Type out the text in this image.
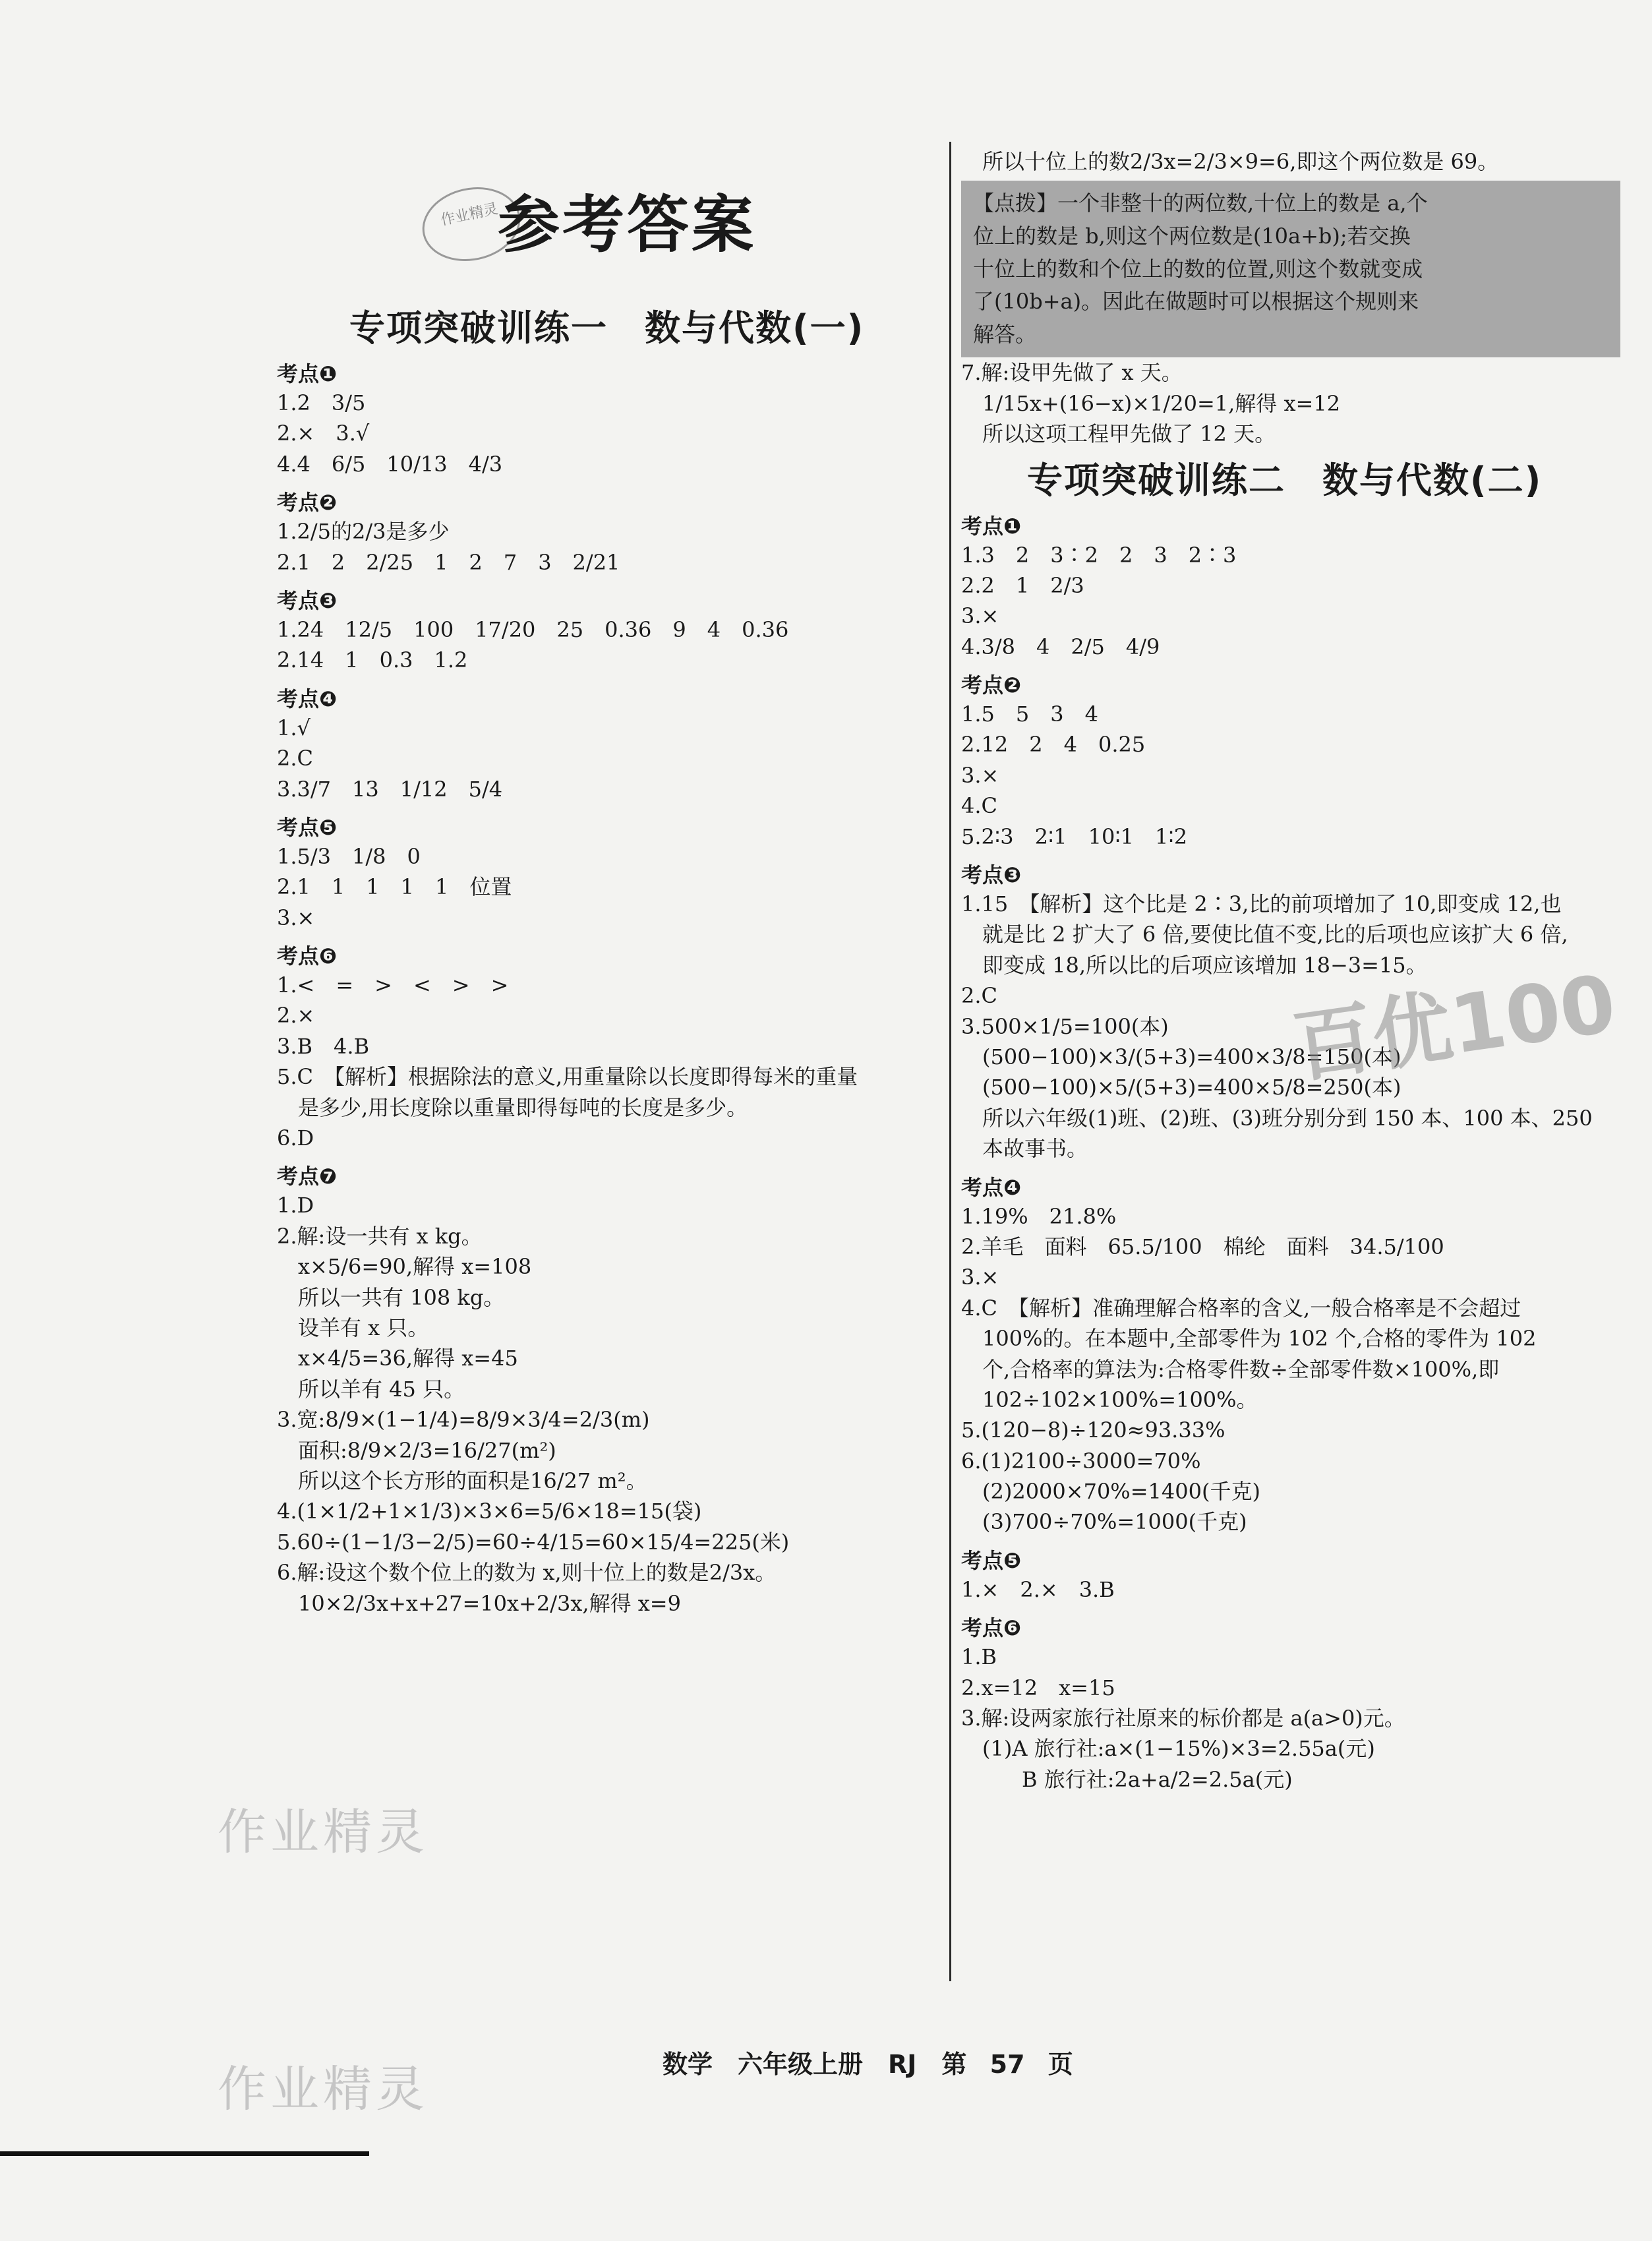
作业精灵
参考答案
专项突破训练一　数与代数(一)
考点❶
1.2　3/5
2.×　3.√
4.4　6/5　10/13　4/3
考点❷
1.2/5的2/3是多少
2.1　2　2/25　1　2　7　3　2/21
考点❸
1.24　12/5　100　17/20　25　0.36　9　4　0.36
2.14　1　0.3　1.2
考点❹
1.√
2.C
3.3/7　13　1/12　5/4
考点❺
1.5/3　1/8　0
2.1　1　1　1　1　位置
3.×
考点❻
1.<　=　>　<　>　>
2.×
3.B　4.B
5.C　【解析】根据除法的意义,用重量除以长度即得每米的重量
是多少,用长度除以重量即得每吨的长度是多少。
6.D
考点❼
1.D
2.解:设一共有 x kg。
x×5/6=90,解得 x=108
所以一共有 108 kg。
设羊有 x 只。
x×4/5=36,解得 x=45
所以羊有 45 只。
3.宽:8/9×(1−1/4)=8/9×3/4=2/3(m)
面积:8/9×2/3=16/27(m²)
所以这个长方形的面积是16/27 m²。
4.(1×1/2+1×1/3)×3×6=5/6×18=15(袋)
5.60÷(1−1/3−2/5)=60÷4/15=60×15/4=225(米)
6.解:设这个数个位上的数为 x,则十位上的数是2/3x。
10×2/3x+x+27=10x+2/3x,解得 x=9
所以十位上的数2/3x=2/3×9=6,即这个两位数是 69。
【点拨】一个非整十的两位数,十位上的数是 a,个
位上的数是 b,则这个两位数是(10a+b);若交换
十位上的数和个位上的数的位置,则这个数就变成
了(10b+a)。因此在做题时可以根据这个规则来
解答。
7.解:设甲先做了 x 天。
1/15x+(16−x)×1/20=1,解得 x=12
所以这项工程甲先做了 12 天。
专项突破训练二　数与代数(二)
考点❶
1.3　2　3∶2　2　3　2∶3
2.2　1　2/3
3.×
4.3/8　4　2/5　4/9
考点❷
1.5　5　3　4
2.12　2　4　0.25
3.×
4.C
5.2∶3　2∶1　10∶1　1∶2
考点❸
1.15　【解析】这个比是 2∶3,比的前项增加了 10,即变成 12,也
就是比 2 扩大了 6 倍,要使比值不变,比的后项也应该扩大 6 倍,
即变成 18,所以比的后项应该增加 18−3=15。
2.C
3.500×1/5=100(本)
(500−100)×3/(5+3)=400×3/8=150(本)
(500−100)×5/(5+3)=400×5/8=250(本)
所以六年级(1)班、(2)班、(3)班分别分到 150 本、100 本、250
本故事书。
考点❹
1.19%　21.8%
2.羊毛　面料　65.5/100　棉纶　面料　34.5/100
3.×
4.C　【解析】准确理解合格率的含义,一般合格率是不会超过
100%的。在本题中,全部零件为 102 个,合格的零件为 102
个,合格率的算法为:合格零件数÷全部零件数×100%,即
102÷102×100%=100%。
5.(120−8)÷120≈93.33%
6.(1)2100÷3000=70%
(2)2000×70%=1400(千克)
(3)700÷70%=1000(千克)
考点❺
1.×　2.×　3.B
考点❻
1.B
2.x=12　x=15
3.解:设两家旅行社原来的标价都是 a(a>0)元。
(1)A 旅行社:a×(1−15%)×3=2.55a(元)
B 旅行社:2a+a/2=2.5a(元)
作业精灵
作业精灵
百优100
数学　六年级上册　RJ　第 57 页
